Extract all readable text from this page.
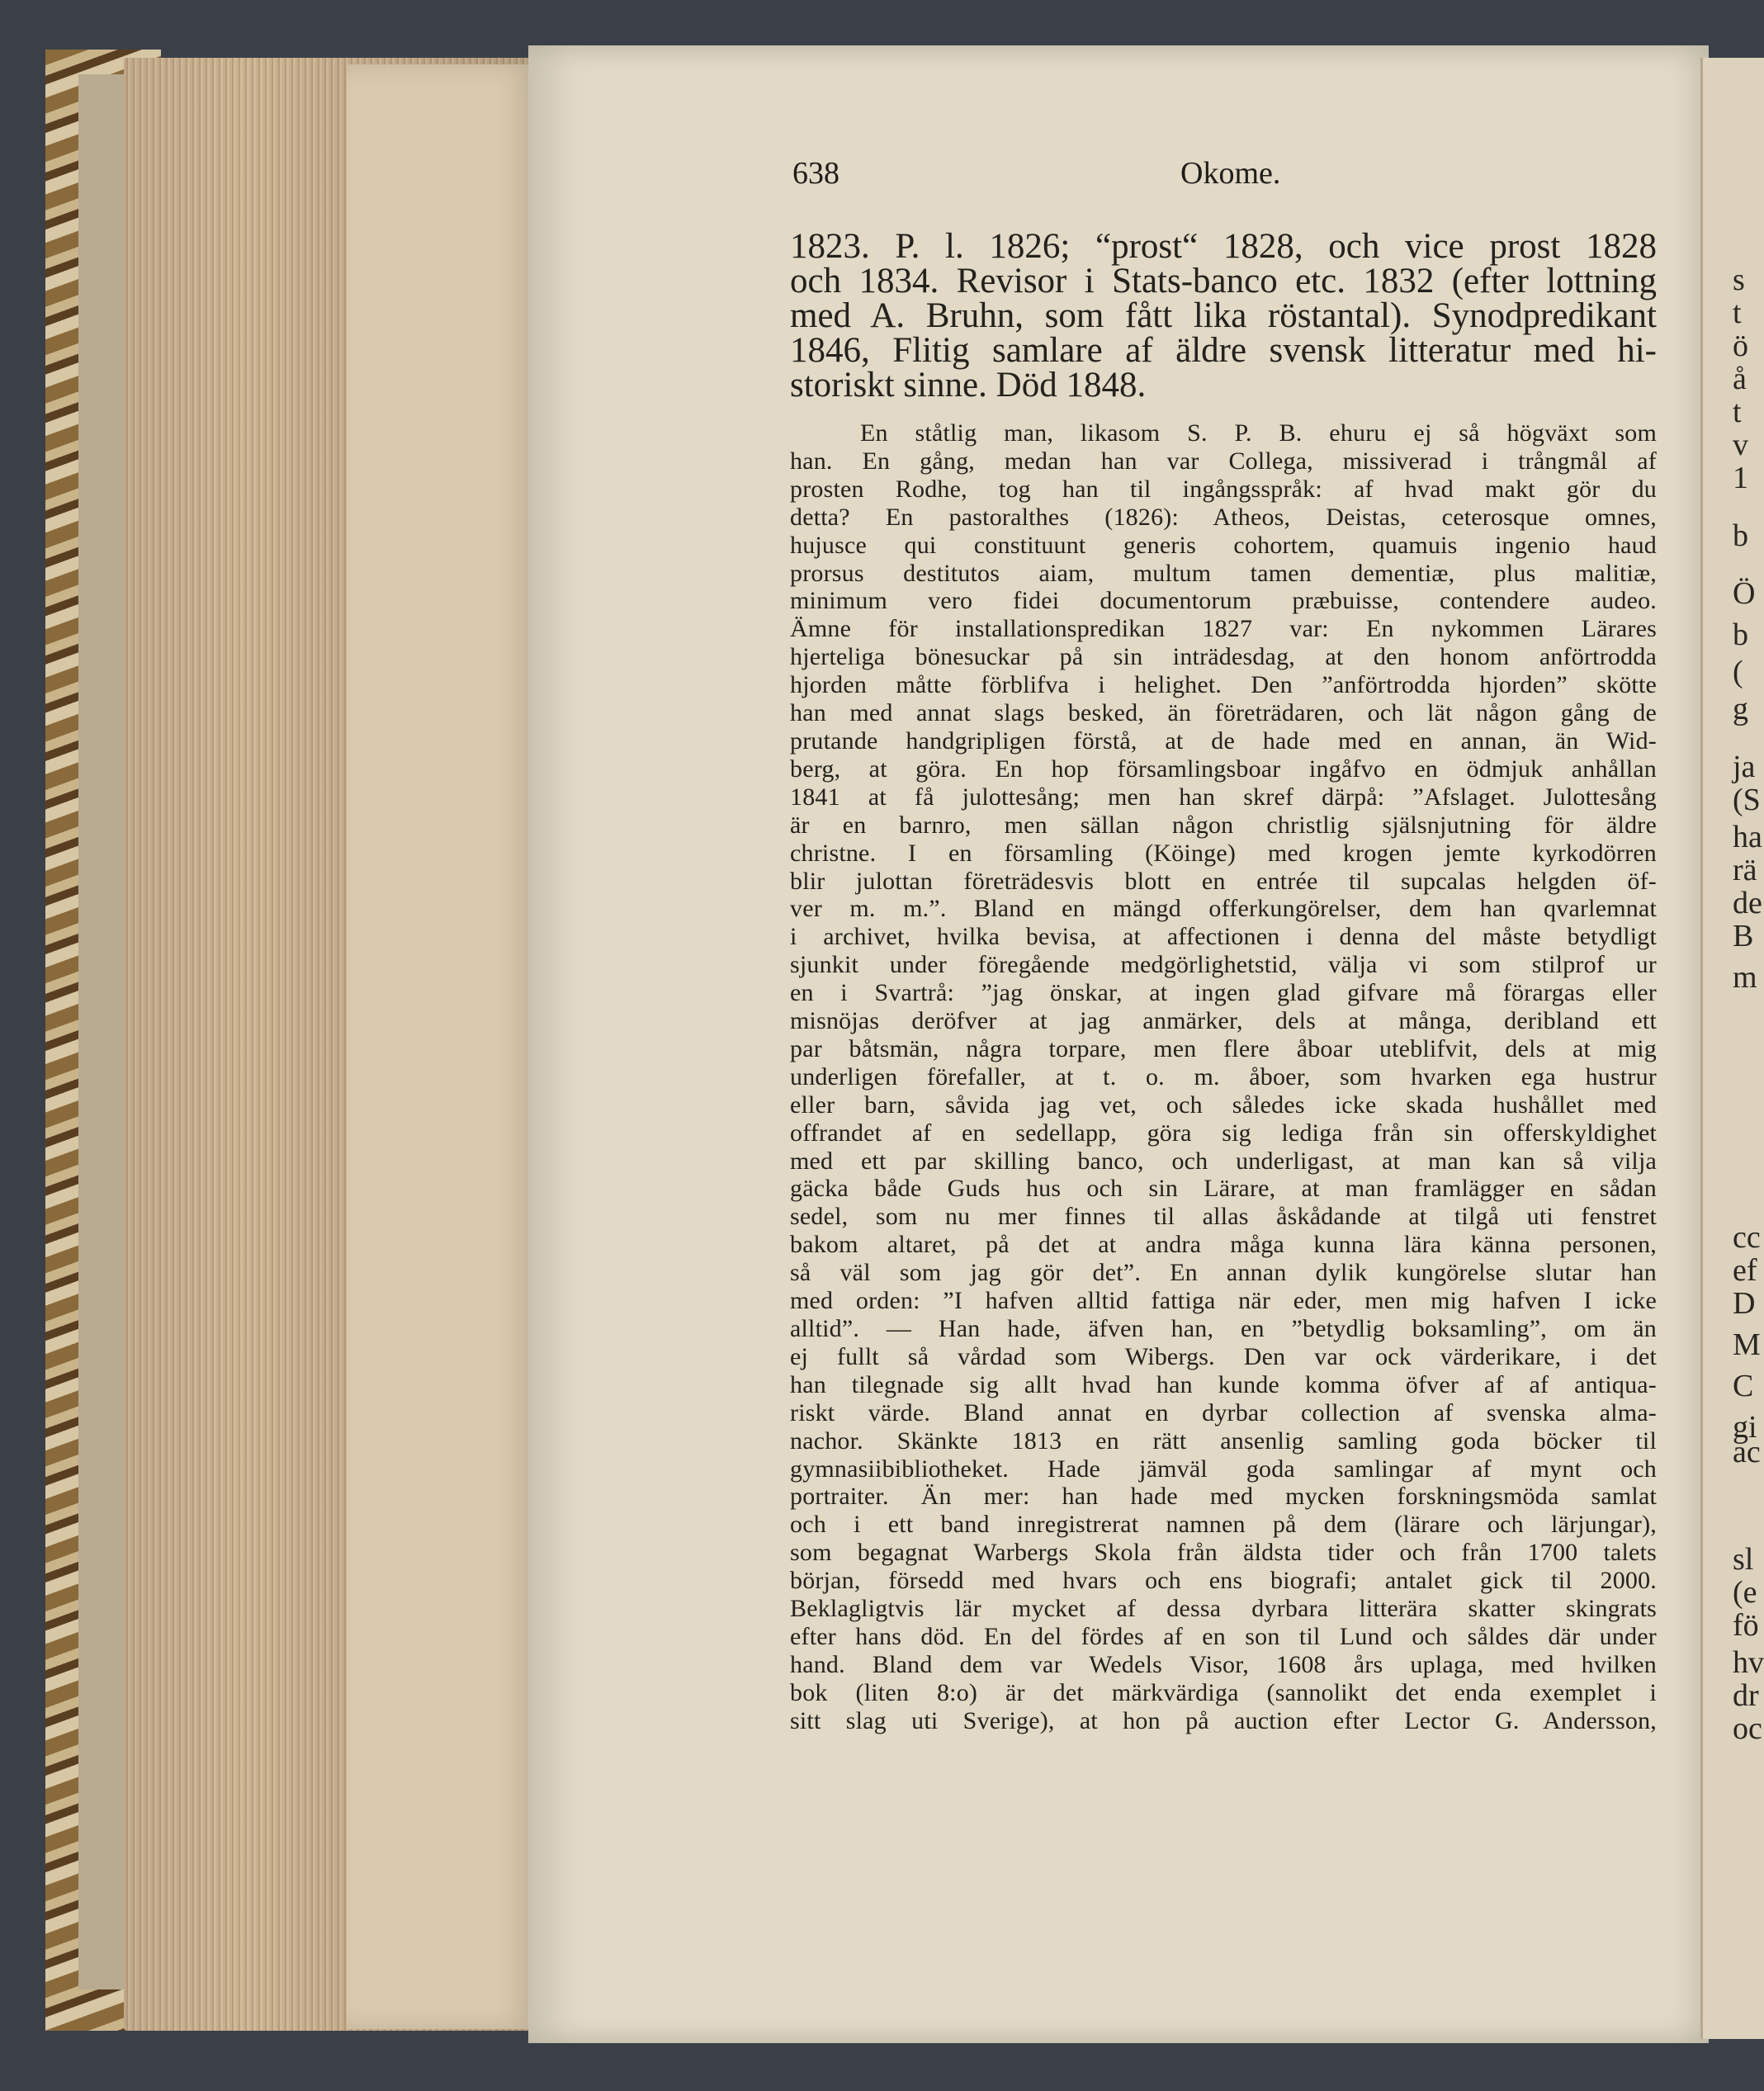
s
t
ö
å
t
v
1
b
Ö
b
(
g
ja
(S
ha
rä
de
B
m
cc
ef
D
M
C
gi
ac
sl
(e
fö
hv
dr
oc
638	Okome.

1823. P. l. 1826; “prost“ 1828, och vice prost 1828

och 1834. Revisor i Stats-banco etc. 1832 (efter lottning

med A. Bruhn, som fått lika röstantal). Synodpredikant

1846, Flitig samlare af äldre svensk litteratur med hi-

storiskt sinne. Död 1848.

En ståtlig man, likasom S. P. B. ehuru ej så högväxt som

han. En gång, medan han var Collega, missiverad i trångmål af

prosten Rodhe, tog han til ingångsspråk: af hvad makt gör du

detta? En pastoralthes (1826): Atheos, Deistas, ceterosque omnes,

hujusce qui constituunt generis cohortem, quamuis ingenio haud

prorsus destitutos aiam, multum tamen dementiæ, plus malitiæ,

minimum vero fidei documentorum præbuisse, contendere audeo.

Ämne för installationspredikan 1827 var: En nykommen Lärares

hjerteliga bönesuckar på sin inträdesdag, at den honom anförtrodda

hjorden måtte förblifva i helighet. Den ”anförtrodda hjorden” skötte

han med annat slags besked, än företrädaren, och lät någon gång de

prutande handgripligen förstå, at de hade med en annan, än Wid-

berg, at göra. En hop församlingsboar ingåfvo en ödmjuk anhållan

1841 at få julottesång; men han skref därpå: ”Afslaget. Julottesång

är en barnro, men sällan någon christlig själsnjutning för äldre

christne. I en församling (Köinge) med krogen jemte kyrkodörren

blir julottan företrädesvis blott en entrée til supcalas helgden öf-

ver m. m.”. Bland en mängd offerkungörelser, dem han qvarlemnat

i archivet, hvilka bevisa, at affectionen i denna del måste betydligt

sjunkit under föregående medgörlighetstid, välja vi som stilprof ur

en i Svartrå: ”jag önskar, at ingen glad gifvare må förargas eller

misnöjas deröfver at jag anmärker, dels at många, deribland ett

par båtsmän, några torpare, men flere åboar uteblifvit, dels at mig

underligen förefaller, at t. o. m. åboer, som hvarken ega hustrur

eller barn, såvida jag vet, och således icke skada hushållet med

offrandet af en sedellapp, göra sig lediga från sin offerskyldighet

med ett par skilling banco, och underligast, at man kan så vilja

gäcka både Guds hus och sin Lärare, at man framlägger en sådan

sedel, som nu mer finnes til allas åskådande at tilgå uti fenstret

bakom altaret, på det at andra måga kunna lära känna personen,

så väl som jag gör det”. En annan dylik kungörelse slutar han

med orden: ”I hafven alltid fattiga när eder, men mig hafven I icke

alltid”. — Han hade, äfven han, en ”betydlig boksamling”, om än

ej fullt så vårdad som Wibergs. Den var ock värderikare, i det

han tilegnade sig allt hvad han kunde komma öfver af af antiqua-

riskt värde. Bland annat en dyrbar collection af svenska alma-

nachor. Skänkte 1813 en rätt ansenlig samling goda böcker til

gymnasiibibliotheket. Hade jämväl goda samlingar af mynt och

portraiter. Än mer: han hade med mycken forskningsmöda samlat

och i ett band inregistrerat namnen på dem (lärare och lärjungar),

som begagnat Warbergs Skola från äldsta tider och från 1700 talets

början, försedd med hvars och ens biografi; antalet gick til 2000.

Beklagligtvis lär mycket af dessa dyrbara litterära skatter skingrats

efter hans död. En del fördes af en son til Lund och såldes där under

hand. Bland dem var Wedels Visor, 1608 års uplaga, med hvilken

bok (liten 8:o) är det märkvärdiga (sannolikt det enda exemplet i

sitt slag uti Sverige), at hon på auction efter Lector G. Andersson,
